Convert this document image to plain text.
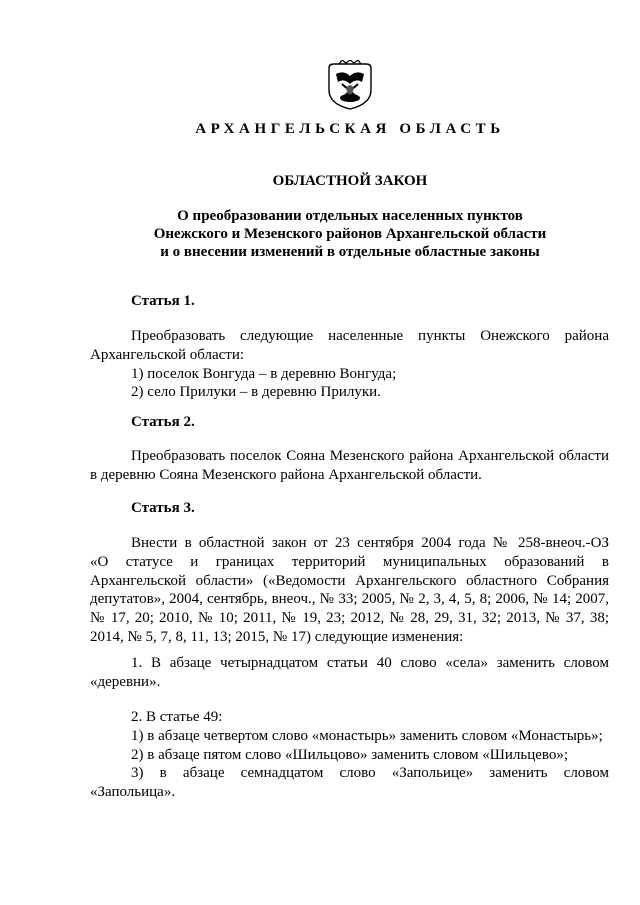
АРХАНГЕЛЬСКАЯ ОБЛАСТЬ
ОБЛАСТНОЙ ЗАКОН
О преобразовании отдельных населенных пунктов
Онежского и Мезенского районов Архангельской области
и о внесении изменений в отдельные областные законы
Статья 1.
Преобразовать следующие населенные пункты Онежского района
Архангельской области:
1) поселок Вонгуда – в деревню Вонгуда;
2) село Прилуки – в деревню Прилуки.
Статья 2.
Преобразовать поселок Сояна Мезенского района Архангельской области
в деревню Сояна Мезенского района Архангельской области.
Статья 3.
Внести в областной закон от 23 сентября 2004 года № 258-внеоч.-ОЗ
«О статусе и границах территорий муниципальных образований в
Архангельской области» («Ведомости Архангельского областного Собрания
депутатов», 2004, сентябрь, внеоч., № 33; 2005, № 2, 3, 4, 5, 8; 2006, № 14; 2007,
№ 17, 20; 2010, № 10; 2011, № 19, 23; 2012, № 28, 29, 31, 32; 2013, № 37, 38;
2014, № 5, 7, 8, 11, 13; 2015, № 17) следующие изменения:
1. В абзаце четырнадцатом статьи 40 слово «села» заменить словом
«деревни».
2. В статье 49:
1) в абзаце четвертом слово «монастырь» заменить словом «Монастырь»;
2) в абзаце пятом слово «Шильцово» заменить словом «Шильцево»;
3) в абзаце семнадцатом слово «Запольице» заменить словом
«Запольица».
